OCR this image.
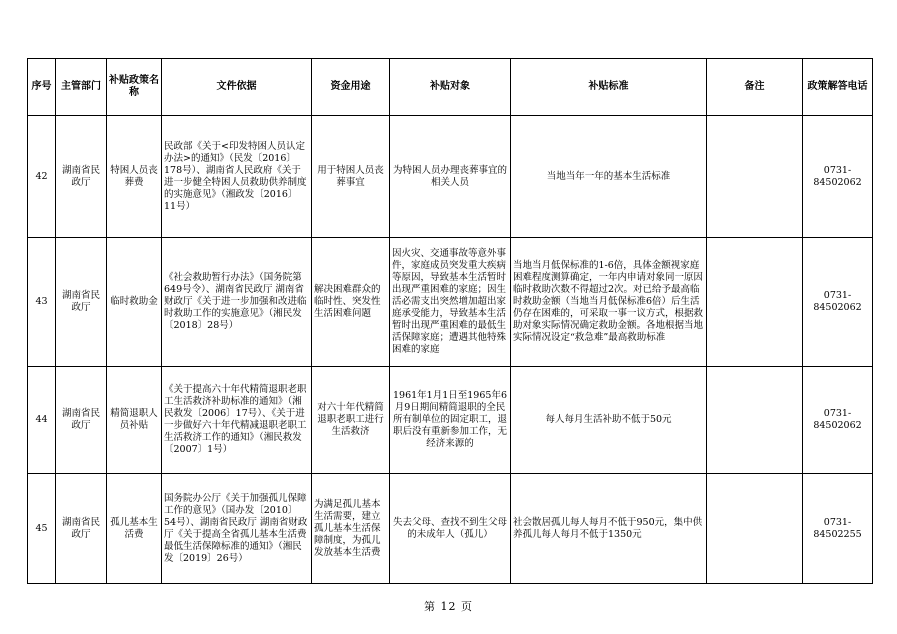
序号	主管部门	补贴政策名称	文件依据	资金用途	补贴对象	补贴标准	备注	政策解答电话
42	湖南省民政厅	特困人员丧葬费	民政部《关于<印发特困人员认定办法>的通知》（民发〔2016〕178号）、湖南省人民政府《关于进一步健全特困人员救助供养制度的实施意见》（湘政发〔2016〕11号）	用于特困人员丧葬事宜	为特困人员办理丧葬事宜的相关人员	当地当年一年的基本生活标准		0731-84502062
43	湖南省民政厅	临时救助金	《社会救助暂行办法》（国务院第649号令）、湖南省民政厅 湖南省财政厅《关于进一步加强和改进临时救助工作的实施意见》（湘民发〔2018〕28号）	解决困难群众的临时性、突发性生活困难问题	因火灾、交通事故等意外事件，家庭成员突发重大疾病等原因，导致基本生活暂时出现严重困难的家庭；因生活必需支出突然增加超出家庭承受能力，导致基本生活暂时出现严重困难的最低生活保障家庭；遭遇其他特殊困难的家庭	当地当月低保标准的1-6倍，具体金额视家庭困难程度测算确定，一年内申请对象同一原因临时救助次数不得超过2次。对已给予最高临时救助金额（当地当月低保标准6倍）后生活仍存在困难的，可采取一事一议方式，根据救助对象实际情况确定救助金额。各地根据当地实际情况设定“救急难”最高救助标准		0731-84502062
44	湖南省民政厅	精简退职人员补贴	《关于提高六十年代精简退职老职工生活救济补助标准的通知》（湘民救发〔2006〕17号）、《关于进一步做好六十年代精减退职老职工生活救济工作的通知》（湘民救发〔2007〕1号）	对六十年代精简退职老职工进行生活救济	1961年1月1日至1965年6月9日期间精简退职的全民所有制单位的固定职工，退职后没有重新参加工作，无经济来源的	每人每月生活补助不低于50元		0731-84502062
45	湖南省民政厅	孤儿基本生活费	国务院办公厅《关于加强孤儿保障工作的意见》（国办发〔2010〕54号）、湖南省民政厅 湖南省财政厅《关于提高全省孤儿基本生活费最低生活保障标准的通知》（湘民发〔2019〕26号）	为满足孤儿基本生活需要，建立孤儿基本生活保障制度，为孤儿发放基本生活费	失去父母、查找不到生父母的未成年人（孤儿）	社会散居孤儿每人每月不低于950元，集中供养孤儿每人每月不低于1350元		0731-84502255
第 12 页
